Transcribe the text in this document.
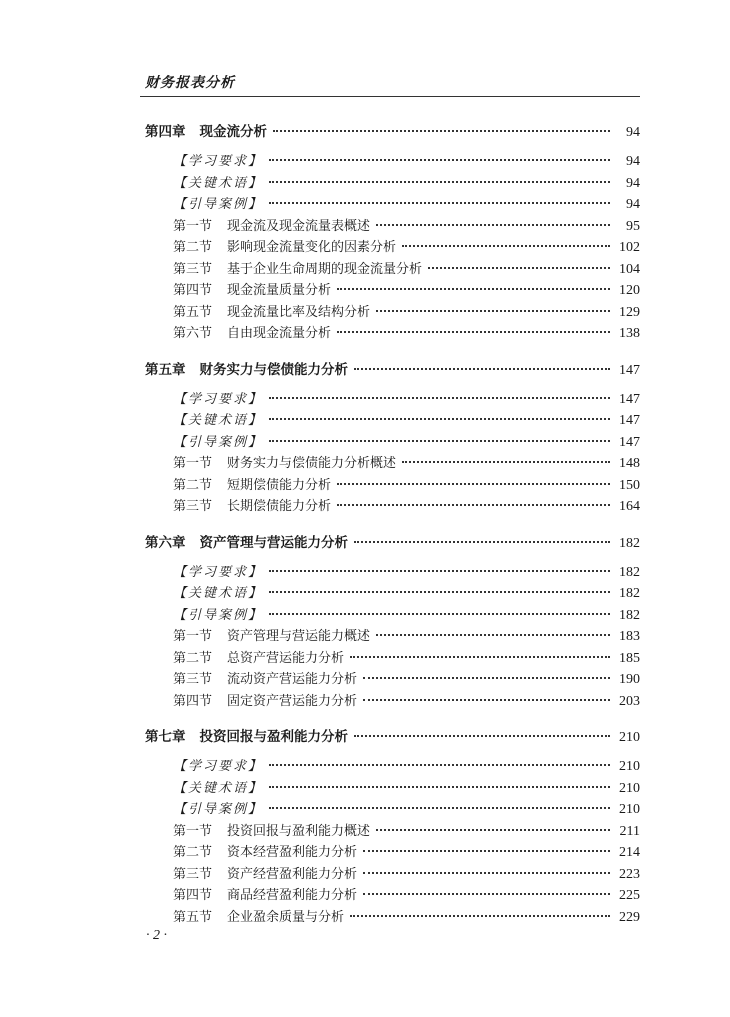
财务报表分析
第四章 现金流分析	94
【学习要求】	94
【关键术语】	94
【引导案例】	94
第一节	现金流及现金流量表概述	95
第二节	影响现金流量变化的因素分析	102
第三节	基于企业生命周期的现金流量分析	104
第四节	现金流量质量分析	120
第五节	现金流量比率及结构分析	129
第六节	自由现金流量分析	138
第五章 财务实力与偿债能力分析	147
【学习要求】	147
【关键术语】	147
【引导案例】	147
第一节	财务实力与偿债能力分析概述	148
第二节	短期偿债能力分析	150
第三节	长期偿债能力分析	164
第六章 资产管理与营运能力分析	182
【学习要求】	182
【关键术语】	182
【引导案例】	182
第一节	资产管理与营运能力概述	183
第二节	总资产营运能力分析	185
第三节	流动资产营运能力分析	190
第四节	固定资产营运能力分析	203
第七章 投资回报与盈利能力分析	210
【学习要求】	210
【关键术语】	210
【引导案例】	210
第一节	投资回报与盈利能力概述	211
第二节	资本经营盈利能力分析	214
第三节	资产经营盈利能力分析	223
第四节	商品经营盈利能力分析	225
第五节	企业盈余质量与分析	229
· 2 ·
